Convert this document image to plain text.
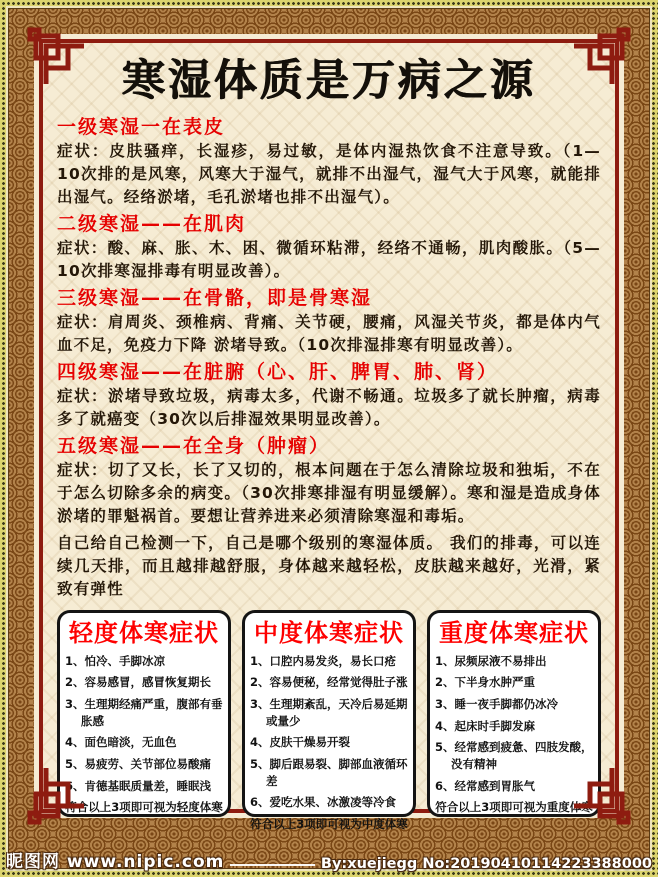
寒湿体质是万病之源
一级寒湿一在表皮
症状：皮肤骚痒，长湿疹，易过敏，是体内湿热饮食不注意导致。（1—10次排的是风寒，风寒大于湿气，就排不出湿气，湿气大于风寒，就能排出湿气。经络淤堵，毛孔淤堵也排不出湿气）。
二级寒湿——在肌肉
症状：酸、麻、胀、木、困、微循环粘滞，经络不通畅，肌肉酸胀。（5—10次排寒湿排毒有明显改善）。
三级寒湿——在骨骼，即是骨寒湿
症状：肩周炎、颈椎病、背痛、关节硬，腰痛，风湿关节炎，都是体内气血不足，免疫力下降 淤堵导致。（10次排湿排寒有明显改善）。
四级寒湿——在脏腑（心、肝、脾胃、肺、肾）
症状：淤堵导致垃圾，病毒太多，代谢不畅通。垃圾多了就长肿瘤，病毒多了就癌变（30次以后排湿效果明显改善）。
五级寒湿——在全身（肿瘤）
症状：切了又长，长了又切的，根本问题在于怎么清除垃圾和独垢，不在于怎么切除多余的病变。（30次排寒排湿有明显缓解）。寒和湿是造成身体淤堵的罪魁祸首。要想让营养进来必须清除寒湿和毒垢。
自己给自己检测一下，自己是哪个级别的寒湿体质。 我们的排毒，可以连续几天排，而且越排越舒服，身体越来越轻松，皮肤越来越好，光滑，紧致有弹性
轻度体寒症状
1、怕冷、手脚冰凉
2、容易感冒，感冒恢复期长
3、生理期经痛严重，腹部有垂胀感
4、面色暗淡，无血色
5、易疲劳、关节部位易酸痛
6、肯德基眠质量差，睡眠浅
符合以上3项即可视为轻度体寒
中度体寒症状
1、口腔内易发炎，易长口疮
2、容易便秘，经常觉得肚子涨
3、生理期紊乱，天冷后易延期或量少
4、皮肤干燥易开裂
5、脚后跟易裂、脚部血液循环差
6、爱吃水果、冰激凌等冷食
符合以上3项即可视为中度体寒
重度体寒症状
1、尿频尿液不易排出
2、下半身水肿严重
3、睡一夜手脚都仍冰冷
4、起床时手脚发麻
5、经常感到疲惫、四肢发酸，没有精神
6、经常感到胃胀气
符合以上3项即可视为重度体寒
昵图网 www.nipic.com	By:xuejiegg No:20190410114223388000
